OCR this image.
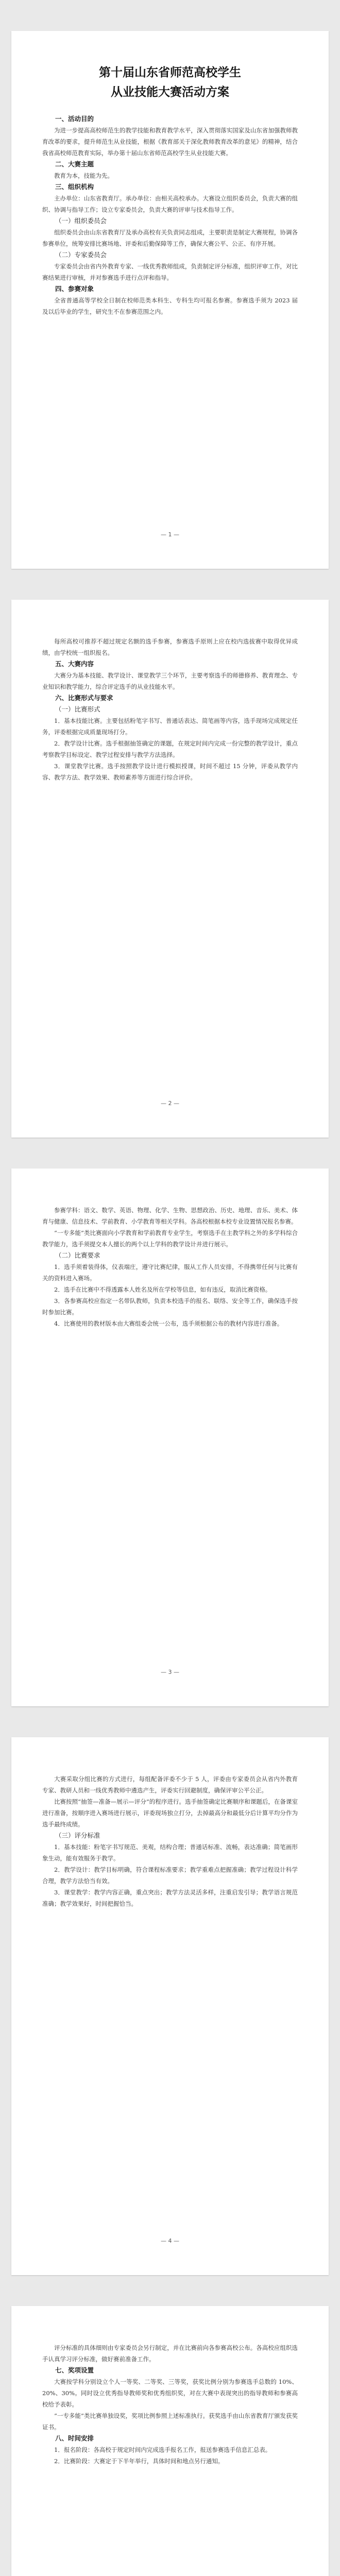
第十届山东省师范高校学生
从业技能大赛活动方案
一、活动目的
为进一步提高高校师范生的教学技能和教育教学水平，深入贯彻落实国家及山东省加强教师教育改革的要求，提升师范生从业技能，根据《教育部关于深化教师教育改革的意见》的精神，结合我省高校师范教育实际，举办第十届山东省师范高校学生从业技能大赛。
二、大赛主题
教育为本，技能为先。
三、组织机构
主办单位：山东省教育厅。承办单位：由相关高校承办。大赛设立组织委员会，负责大赛的组织、协调与指导工作；设立专家委员会，负责大赛的评审与技术指导工作。
（一）组织委员会
组织委员会由山东省教育厅及承办高校有关负责同志组成，主要职责是制定大赛规程，协调各参赛单位，统筹安排比赛场地、评委和后勤保障等工作，确保大赛公平、公正、有序开展。
（二）专家委员会
专家委员会由省内外教育专家、一线优秀教师组成，负责制定评分标准，组织评审工作，对比赛结果进行审核，并对参赛选手进行点评和指导。
四、参赛对象
全省普通高等学校全日制在校师范类本科生、专科生均可报名参赛。参赛选手须为 2023 届及以后毕业的学生，研究生不在参赛范围之内。
— 1 —
每所高校可推荐不超过规定名额的选手参赛，参赛选手原则上应在校内选拔赛中取得优异成绩，由学校统一组织报名。
五、大赛内容
大赛分为基本技能、教学设计、课堂教学三个环节，主要考察选手的师德修养、教育理念、专业知识和教学能力，综合评定选手的从业技能水平。
六、比赛形式与要求
（一）比赛形式
1．基本技能比赛。主要包括粉笔字书写、普通话表达、简笔画等内容，选手现场完成规定任务，评委根据完成质量现场打分。
2．教学设计比赛。选手根据抽签确定的课题，在规定时间内完成一份完整的教学设计，重点考察教学目标设定、教学过程安排与教学方法选择。
3．课堂教学比赛。选手按照教学设计进行模拟授课，时间不超过 15 分钟，评委从教学内容、教学方法、教学效果、教师素养等方面进行综合评价。
— 2 —
参赛学科：语文、数学、英语、物理、化学、生物、思想政治、历史、地理、音乐、美术、体育与健康、信息技术、学前教育、小学教育等相关学科。各高校根据本校专业设置情况报名参赛。
“一专多能”类比赛面向小学教育和学前教育专业学生，考察选手在主教学科之外的多学科综合教学能力，选手须提交本人擅长的两个以上学科的教学设计并进行展示。
（二）比赛要求
1．选手须着装得体，仪表端庄，遵守比赛纪律，服从工作人员安排，不得携带任何与比赛有关的资料进入赛场。
2．选手在比赛中不得透露本人姓名及所在学校等信息，如有违反，取消比赛资格。
3．各参赛高校应指定一名带队教师，负责本校选手的报名、联络、安全等工作，确保选手按时参加比赛。
4．比赛使用的教材版本由大赛组委会统一公布，选手须根据公布的教材内容进行准备。
— 3 —
大赛采取分组比赛的方式进行，每组配备评委不少于 5 人，评委由专家委员会从省内外教育专家、教研人员和一线优秀教师中遴选产生，评委实行回避制度，确保评审公平公正。
比赛按照“抽签—准备—展示—评分”的程序进行。选手抽签确定比赛顺序和课题后，在备课室进行准备，按顺序进入赛场进行展示，评委现场独立打分，去掉最高分和最低分后计算平均分作为选手最终成绩。
（三）评分标准
1．基本技能：粉笔字书写规范、美观，结构合理；普通话标准、流畅，表达准确；简笔画形象生动，能有效服务于教学。
2．教学设计：教学目标明确，符合课程标准要求；教学重难点把握准确；教学过程设计科学合理，教学方法恰当有效。
3．课堂教学：教学内容正确，重点突出；教学方法灵活多样，注重启发引导；教学语言规范准确；教学效果好，时间把握恰当。
— 4 —
评分标准的具体细则由专家委员会另行制定，并在比赛前向各参赛高校公布。各高校应组织选手认真学习评分标准，做好赛前准备工作。
七、奖项设置
大赛按学科分别设立个人一等奖、二等奖、三等奖，获奖比例分别为参赛选手总数的 10%、20%、30%。同时设立优秀指导教师奖和优秀组织奖，对在大赛中表现突出的指导教师和参赛高校给予表彰。
“一专多能”类比赛单独设奖，奖项比例参照上述标准执行。获奖选手由山东省教育厅颁发获奖证书。
八、时间安排
1．报名阶段：各高校于规定时间内完成选手报名工作，报送参赛选手信息汇总表。
2．比赛阶段：大赛定于下半年举行，具体时间和地点另行通知。
